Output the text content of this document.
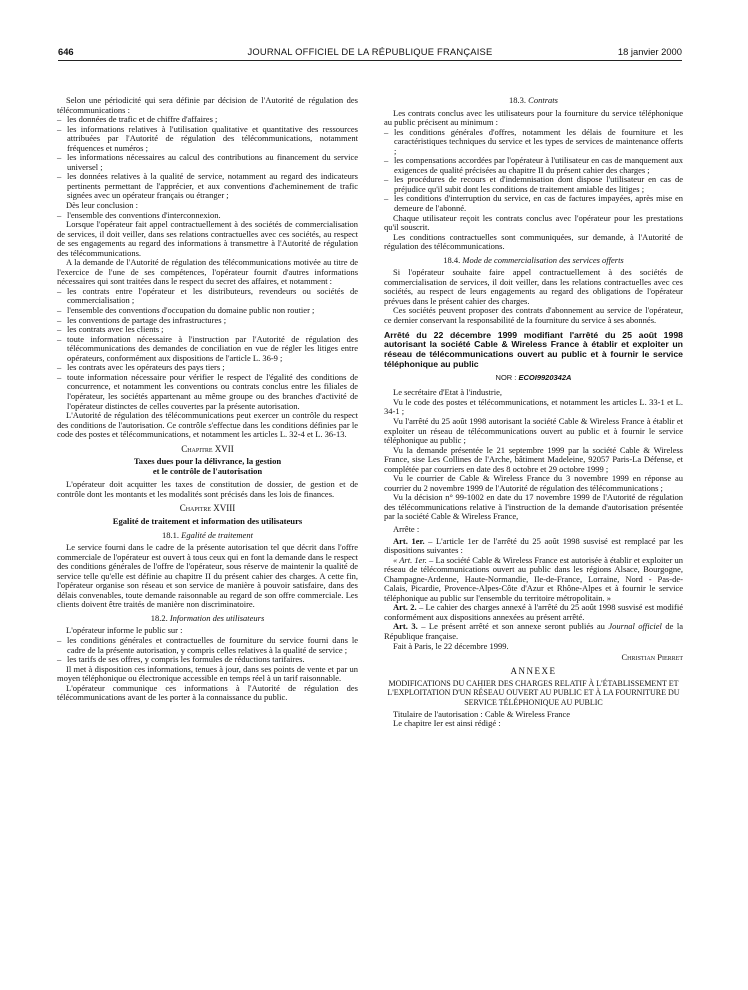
646	JOURNAL OFFICIEL DE LA RÉPUBLIQUE FRANÇAISE	18 janvier 2000

Selon une périodicité qui sera définie par décision de l'Autorité de régulation des télécommunications :

– les données de trafic et de chiffre d'affaires ;
– les informations relatives à l'utilisation qualitative et quantitative des ressources attribuées par l'Autorité de régulation des télécommunications, notamment fréquences et numéros ;
– les informations nécessaires au calcul des contributions au financement du service universel ;
– les données relatives à la qualité de service, notamment au regard des indicateurs pertinents permettant de l'apprécier, et aux conventions d'acheminement de trafic signées avec un opérateur français ou étranger ;

Dès leur conclusion :

– l'ensemble des conventions d'interconnexion.

Lorsque l'opérateur fait appel contractuellement à des sociétés de commercialisation de services, il doit veiller, dans ses relations contractuelles avec ces sociétés, au respect de ses engagements au regard des informations à transmettre à l'Autorité de régulation des télécommunications.

A la demande de l'Autorité de régulation des télécommunications motivée au titre de l'exercice de l'une de ses compétences, l'opérateur fournit d'autres informations nécessaires qui sont traitées dans le respect du secret des affaires, et notamment :

– les contrats entre l'opérateur et les distributeurs, revendeurs ou sociétés de commercialisation ;
– l'ensemble des conventions d'occupation du domaine public non routier ;
– les conventions de partage des infrastructures ;
– les contrats avec les clients ;
– toute information nécessaire à l'instruction par l'Autorité de régulation des télécommunications des demandes de conciliation en vue de régler les litiges entre opérateurs, conformément aux dispositions de l'article L. 36-9 ;
– les contrats avec les opérateurs des pays tiers ;
– toute information nécessaire pour vérifier le respect de l'égalité des conditions de concurrence, et notamment les conventions ou contrats conclus entre les filiales de l'opérateur, les sociétés appartenant au même groupe ou des branches d'activité de l'opérateur distinctes de celles couvertes par la présente autorisation.

L'Autorité de régulation des télécommunications peut exercer un contrôle du respect des conditions de l'autorisation. Ce contrôle s'effectue dans les conditions définies par le code des postes et télécommunications, et notamment les articles L. 32-4 et L. 36-13.

Chapitre XVII
Taxes dues pour la délivrance, la gestion
et le contrôle de l'autorisation

L'opérateur doit acquitter les taxes de constitution de dossier, de gestion et de contrôle dont les montants et les modalités sont précisés dans les lois de finances.

Chapitre XVIII
Egalité de traitement et information des utilisateurs
18.1. Egalité de traitement

Le service fourni dans le cadre de la présente autorisation tel que décrit dans l'offre commerciale de l'opérateur est ouvert à tous ceux qui en font la demande dans le respect des conditions générales de l'offre de l'opérateur, sous réserve de maintenir la qualité de service telle qu'elle est définie au chapitre II du présent cahier des charges. A cette fin, l'opérateur organise son réseau et son service de manière à pouvoir satisfaire, dans des délais convenables, toute demande raisonnable au regard de son offre commerciale. Les clients doivent être traités de manière non discriminatoire.

18.2. Information des utilisateurs

L'opérateur informe le public sur :

– les conditions générales et contractuelles de fourniture du service fourni dans le cadre de la présente autorisation, y compris celles relatives à la qualité de service ;
– les tarifs de ses offres, y compris les formules de réductions tarifaires.

Il met à disposition ces informations, tenues à jour, dans ses points de vente et par un moyen téléphonique ou électronique accessible en temps réel à un tarif raisonnable.

L'opérateur communique ces informations à l'Autorité de régulation des télécommunications avant de les porter à la connaissance du public.

18.3. Contrats

Les contrats conclus avec les utilisateurs pour la fourniture du service téléphonique au public précisent au minimum :

– les conditions générales d'offres, notamment les délais de fourniture et les caractéristiques techniques du service et les types de services de maintenance offerts ;
– les compensations accordées par l'opérateur à l'utilisateur en cas de manquement aux exigences de qualité précisées au chapitre II du présent cahier des charges ;
– les procédures de recours et d'indemnisation dont dispose l'utilisateur en cas de préjudice qu'il subit dont les conditions de traitement amiable des litiges ;
– les conditions d'interruption du service, en cas de factures impayées, après mise en demeure de l'abonné.

Chaque utilisateur reçoit les contrats conclus avec l'opérateur pour les prestations qu'il souscrit.

Les conditions contractuelles sont communiquées, sur demande, à l'Autorité de régulation des télécommunications.

18.4. Mode de commercialisation des services offerts

Si l'opérateur souhaite faire appel contractuellement à des sociétés de commercialisation de services, il doit veiller, dans les relations contractuelles avec ces sociétés, au respect de leurs engagements au regard des obligations de l'opérateur prévues dans le présent cahier des charges.

Ces sociétés peuvent proposer des contrats d'abonnement au service de l'opérateur, ce dernier conservant la responsabilité de la fourniture du service à ses abonnés.

Arrêté du 22 décembre 1999 modifiant l'arrêté du 25 août 1998 autorisant la société Cable & Wireless France à établir et exploiter un réseau de télécommunications ouvert au public et à fournir le service téléphonique au public
NOR : ECOI9920342A

Le secrétaire d'Etat à l'industrie,

Vu le code des postes et télécommunications, et notamment les articles L. 33-1 et L. 34-1 ;

Vu l'arrêté du 25 août 1998 autorisant la société Cable & Wireless France à établir et exploiter un réseau de télécommunications ouvert au public et à fournir le service téléphonique au public ;

Vu la demande présentée le 21 septembre 1999 par la société Cable & Wireless France, sise Les Collines de l'Arche, bâtiment Madeleine, 92057 Paris-La Défense, et complétée par courriers en date des 8 octobre et 29 octobre 1999 ;

Vu le courrier de Cable & Wireless France du 3 novembre 1999 en réponse au courrier du 2 novembre 1999 de l'Autorité de régulation des télécommunications ;

Vu la décision n° 99-1002 en date du 17 novembre 1999 de l'Autorité de régulation des télécommunications relative à l'instruction de la demande d'autorisation présentée par la société Cable & Wireless France,

Arrête :

Art. 1er. – L'article 1er de l'arrêté du 25 août 1998 susvisé est remplacé par les dispositions suivantes :

« Art. 1er. – La société Cable & Wireless France est autorisée à établir et exploiter un réseau de télécommunications ouvert au public dans les régions Alsace, Bourgogne, Champagne-Ardenne, Haute-Normandie, Ile-de-France, Lorraine, Nord - Pas-de-Calais, Picardie, Provence-Alpes-Côte d'Azur et Rhône-Alpes et à fournir le service téléphonique au public sur l'ensemble du territoire métropolitain. »

Art. 2. – Le cahier des charges annexé à l'arrêté du 25 août 1998 susvisé est modifié conformément aux dispositions annexées au présent arrêté.

Art. 3. – Le présent arrêté et son annexe seront publiés au Journal officiel de la République française.

Fait à Paris, le 22 décembre 1999.

Christian Pierret
ANNEXE
MODIFICATIONS DU CAHIER DES CHARGES RELATIF À L'ÉTABLISSEMENT ET L'EXPLOITATION D'UN RÉSEAU OUVERT AU PUBLIC ET À LA FOURNITURE DU SERVICE TÉLÉPHONIQUE AU PUBLIC

Titulaire de l'autorisation : Cable & Wireless France

Le chapitre Ier est ainsi rédigé :
